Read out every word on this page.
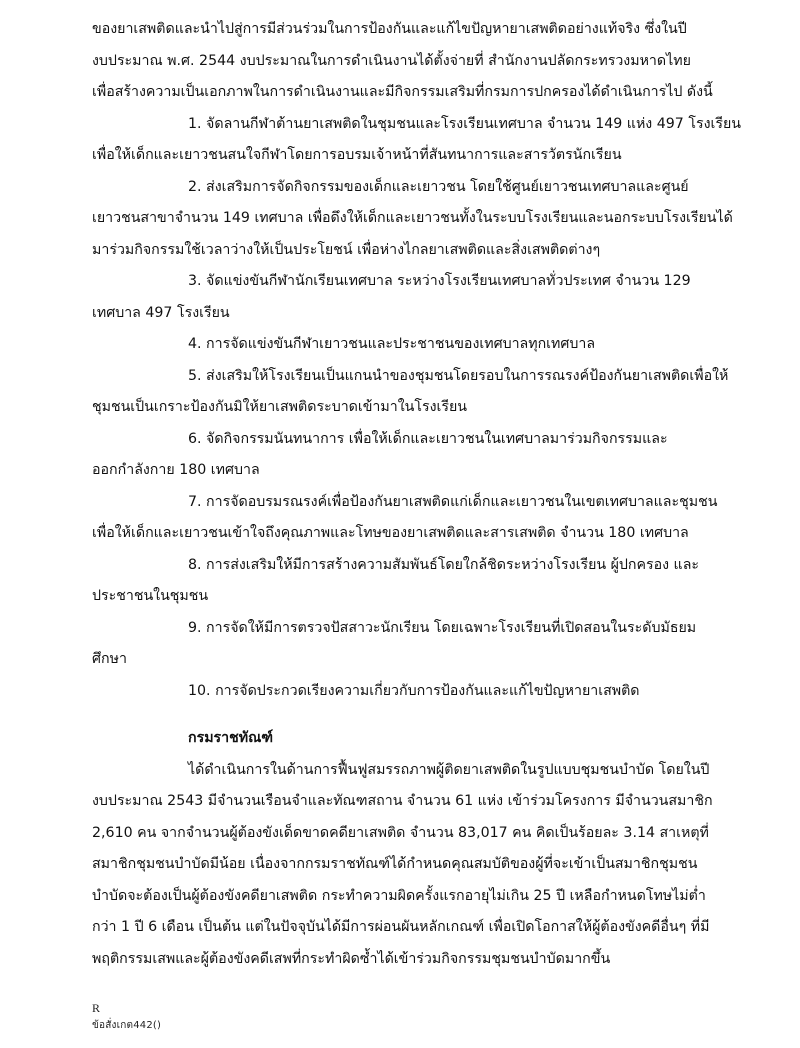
ของยาเสพติดและนำไปสู่การมีส่วนร่วมในการป้องกันและแก้ไขปัญหายาเสพติดอย่างแท้จริง ซึ่งในปี

งบประมาณ พ.ศ. 2544 งบประมาณในการดำเนินงานได้ตั้งจ่ายที่ สำนักงานปลัดกระทรวงมหาดไทย

เพื่อสร้างความเป็นเอกภาพในการดำเนินงานและมีกิจกรรมเสริมที่กรมการปกครองได้ดำเนินการไป ดังนี้

1. จัดลานกีฬาต้านยาเสพติดในชุมชนและโรงเรียนเทศบาล จำนวน 149 แห่ง 497 โรงเรียน

เพื่อให้เด็กและเยาวชนสนใจกีฬาโดยการอบรมเจ้าหน้าที่สันทนาการและสารวัตรนักเรียน

2. ส่งเสริมการจัดกิจกรรมของเด็กและเยาวชน โดยใช้ศูนย์เยาวชนเทศบาลและศูนย์

เยาวชนสาขาจำนวน 149 เทศบาล เพื่อดึงให้เด็กและเยาวชนทั้งในระบบโรงเรียนและนอกระบบโรงเรียนได้

มาร่วมกิจกรรมใช้เวลาว่างให้เป็นประโยชน์ เพื่อห่างไกลยาเสพติดและสิ่งเสพติดต่างๆ

3. จัดแข่งขันกีฬานักเรียนเทศบาล ระหว่างโรงเรียนเทศบาลทั่วประเทศ จำนวน 129

เทศบาล 497 โรงเรียน

4. การจัดแข่งขันกีฬาเยาวชนและประชาชนของเทศบาลทุกเทศบาล

5. ส่งเสริมให้โรงเรียนเป็นแกนนำของชุมชนโดยรอบในการรณรงค์ป้องกันยาเสพติดเพื่อให้

ชุมชนเป็นเกราะป้องกันมิให้ยาเสพติดระบาดเข้ามาในโรงเรียน

6. จัดกิจกรรมนันทนาการ เพื่อให้เด็กและเยาวชนในเทศบาลมาร่วมกิจกรรมและ

ออกกำลังกาย 180 เทศบาล

7. การจัดอบรมรณรงค์เพื่อป้องกันยาเสพติดแก่เด็กและเยาวชนในเขตเทศบาลและชุมชน

เพื่อให้เด็กและเยาวชนเข้าใจถึงคุณภาพและโทษของยาเสพติดและสารเสพติด จำนวน 180 เทศบาล

8. การส่งเสริมให้มีการสร้างความสัมพันธ์โดยใกล้ชิดระหว่างโรงเรียน ผู้ปกครอง และ

ประชาชนในชุมชน

9. การจัดให้มีการตรวจปัสสาวะนักเรียน โดยเฉพาะโรงเรียนที่เปิดสอนในระดับมัธยม

ศึกษา

10. การจัดประกวดเรียงความเกี่ยวกับการป้องกันและแก้ไขปัญหายาเสพติด

กรมราชทัณฑ์

ได้ดำเนินการในด้านการฟื้นฟูสมรรถภาพผู้ติดยาเสพติดในรูปแบบชุมชนบำบัด โดยในปี

งบประมาณ 2543 มีจำนวนเรือนจำและทัณฑสถาน จำนวน 61 แห่ง เข้าร่วมโครงการ มีจำนวนสมาชิก

2,610 คน จากจำนวนผู้ต้องขังเด็ดขาดคดียาเสพติด จำนวน 83,017 คน คิดเป็นร้อยละ 3.14 สาเหตุที่

สมาชิกชุมชนบำบัดมีน้อย เนื่องจากกรมราชทัณฑ์ได้กำหนดคุณสมบัติของผู้ที่จะเข้าเป็นสมาชิกชุมชน

บำบัดจะต้องเป็นผู้ต้องขังคดียาเสพติด กระทำความผิดครั้งแรกอายุไม่เกิน 25 ปี เหลือกำหนดโทษไม่ต่ำ

กว่า 1 ปี 6 เดือน เป็นต้น แต่ในปัจจุบันได้มีการผ่อนผันหลักเกณฑ์ เพื่อเปิดโอกาสให้ผู้ต้องขังคดีอื่นๆ ที่มี

พฤติกรรมเสพและผู้ต้องขังคดีเสพที่กระทำผิดซ้ำได้เข้าร่วมกิจกรรมชุมชนบำบัดมากขึ้น

R
ข้อสั่งเกต442()
